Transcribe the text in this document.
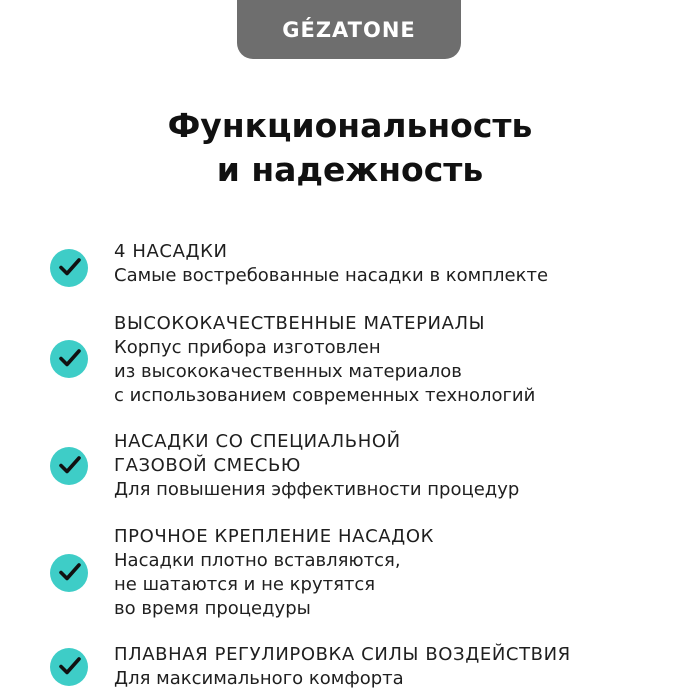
GÉZATONE
Функциональность
и надежность
4 НАСАДКИ
Самые востребованные насадки в комплекте
ВЫСОКОКАЧЕСТВЕННЫЕ МАТЕРИАЛЫ
Корпус прибора изготовлен
из высококачественных материалов
с использованием современных технологий
НАСАДКИ СО СПЕЦИАЛЬНОЙ
ГАЗОВОЙ СМЕСЬЮ
Для повышения эффективности процедур
ПРОЧНОЕ КРЕПЛЕНИЕ НАСАДОК
Насадки плотно вставляются,
не шатаются и не крутятся
во время процедуры
ПЛАВНАЯ РЕГУЛИРОВКА СИЛЫ ВОЗДЕЙСТВИЯ
Для максимального комфорта
